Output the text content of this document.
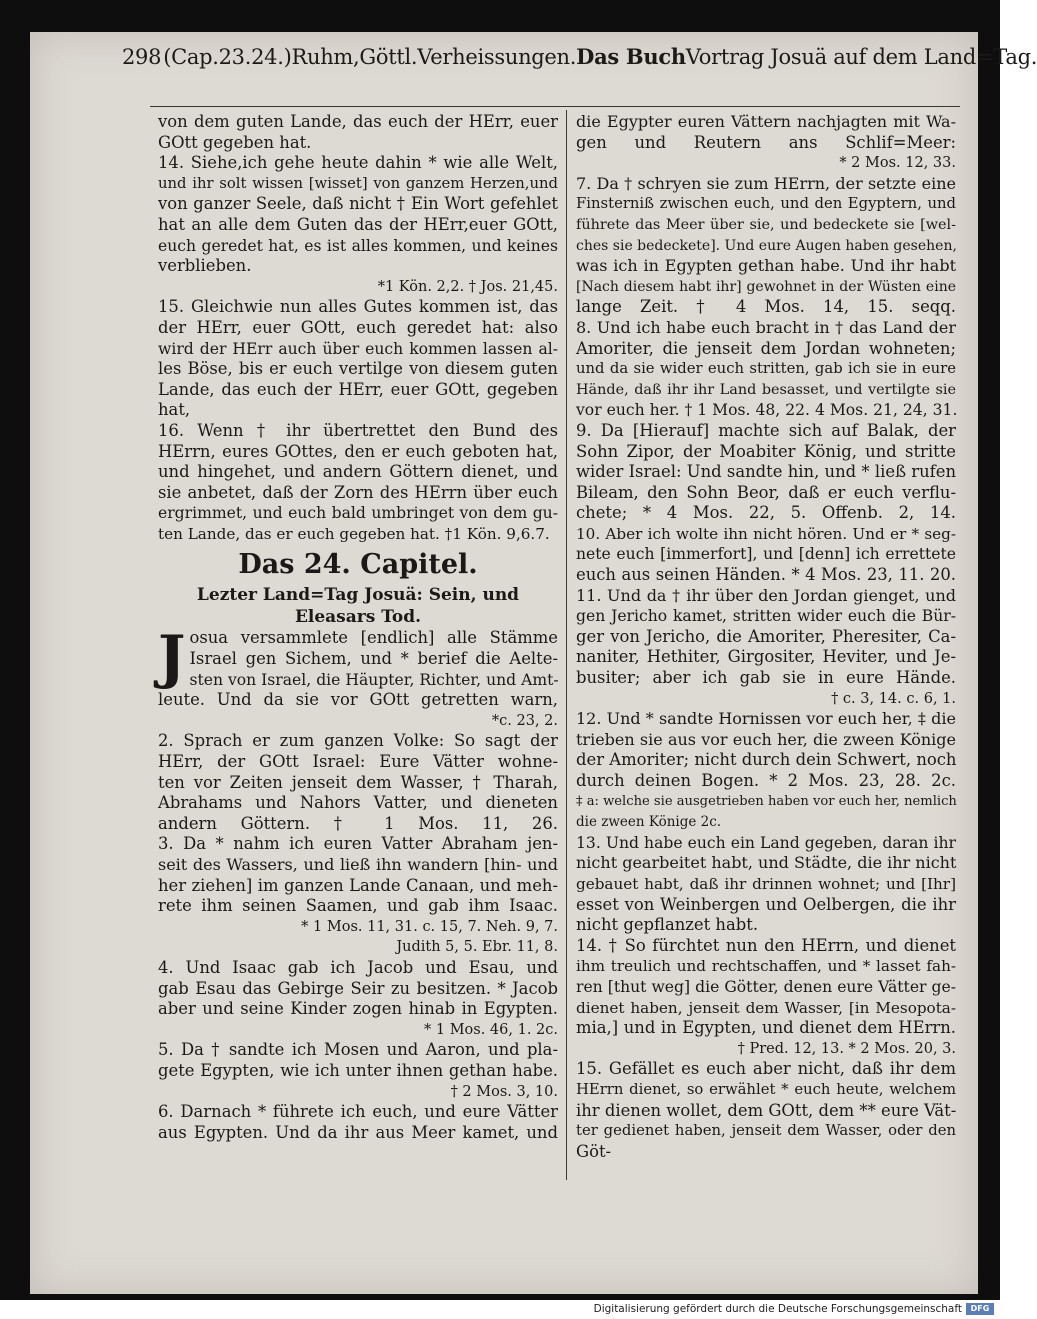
298 (Cap.23.24.)Ruhm,Göttl.Verheissungen. Das Buch Vortrag Josuä auf dem Land=Tag.
von dem guten Lande, das euch der HErr, euer
GOtt gegeben hat.
14. Siehe,ich gehe heute dahin * wie alle Welt,
und ihr solt wissen [wisset] von ganzem Herzen,und
von ganzer Seele, daß nicht † Ein Wort gefehlet
hat an alle dem Guten das der HErr,euer GOtt,
euch geredet hat, es ist alles kommen, und keines
verblieben.
*1 Kön. 2,2. † Jos. 21,45.
15. Gleichwie nun alles Gutes kommen ist, das
der HErr, euer GOtt, euch geredet hat: also
wird der HErr auch über euch kommen lassen al-
les Böse, bis er euch vertilge von diesem guten
Lande, das euch der HErr, euer GOtt, gegeben
hat,
16. Wenn † ihr übertrettet den Bund des
HErrn, eures GOttes, den er euch geboten hat,
und hingehet, und andern Göttern dienet, und
sie anbetet, daß der Zorn des HErrn über euch
ergrimmet, und euch bald umbringet von dem gu-
ten Lande, das er euch gegeben hat. †1 Kön. 9,6.7.
Das 24. Capitel.
Lezter Land=Tag Josuä: Sein, und
Eleasars Tod.
J osua versammlete [endlich] alle Stämme
Israel gen Sichem, und * berief die Aelte-
sten von Israel, die Häupter, Richter, und Amt-
leute. Und da sie vor GOtt getretten warn,
*c. 23, 2.
2. Sprach er zum ganzen Volke: So sagt der
HErr, der GOtt Israel: Eure Vätter wohne-
ten vor Zeiten jenseit dem Wasser, † Tharah,
Abrahams und Nahors Vatter, und dieneten
andern Göttern. † 1 Mos. 11, 26.
3. Da * nahm ich euren Vatter Abraham jen-
seit des Wassers, und ließ ihn wandern [hin- und
her ziehen] im ganzen Lande Canaan, und meh-
rete ihm seinen Saamen, und gab ihm Isaac.
* 1 Mos. 11, 31. c. 15, 7. Neh. 9, 7.
Judith 5, 5. Ebr. 11, 8.
4. Und Isaac gab ich Jacob und Esau, und
gab Esau das Gebirge Seir zu besitzen. * Jacob
aber und seine Kinder zogen hinab in Egypten.
* 1 Mos. 46, 1. 2c.
5. Da † sandte ich Mosen und Aaron, und pla-
gete Egypten, wie ich unter ihnen gethan habe.
† 2 Mos. 3, 10.
6. Darnach * führete ich euch, und eure Vätter
aus Egypten. Und da ihr aus Meer kamet, und
die Egypter euren Vättern nachjagten mit Wa-
gen und Reutern ans Schlif=Meer:
* 2 Mos. 12, 33.
7. Da † schryen sie zum HErrn, der setzte eine
Finsterniß zwischen euch, und den Egyptern, und
führete das Meer über sie, und bedeckete sie [wel-
ches sie bedeckete]. Und eure Augen haben gesehen,
was ich in Egypten gethan habe. Und ihr habt
[Nach diesem habt ihr] gewohnet in der Wüsten eine
lange Zeit. † 4 Mos. 14, 15. seqq.
8. Und ich habe euch bracht in † das Land der
Amoriter, die jenseit dem Jordan wohneten;
und da sie wider euch stritten, gab ich sie in eure
Hände, daß ihr ihr Land besasset, und vertilgte sie
vor euch her. † 1 Mos. 48, 22. 4 Mos. 21, 24, 31.
9. Da [Hierauf] machte sich auf Balak, der
Sohn Zipor, der Moabiter König, und stritte
wider Israel: Und sandte hin, und * ließ rufen
Bileam, den Sohn Beor, daß er euch verflu-
chete; * 4 Mos. 22, 5. Offenb. 2, 14.
10. Aber ich wolte ihn nicht hören. Und er * seg-
nete euch [immerfort], und [denn] ich errettete
euch aus seinen Händen. * 4 Mos. 23, 11. 20.
11. Und da † ihr über den Jordan gienget, und
gen Jericho kamet, stritten wider euch die Bür-
ger von Jericho, die Amoriter, Pheresiter, Ca-
naniter, Hethiter, Girgositer, Heviter, und Je-
busiter; aber ich gab sie in eure Hände.
† c. 3, 14. c. 6, 1.
12. Und * sandte Hornissen vor euch her, ‡ die
trieben sie aus vor euch her, die zween Könige
der Amoriter; nicht durch dein Schwert, noch
durch deinen Bogen. * 2 Mos. 23, 28. 2c.
‡ a: welche sie ausgetrieben haben vor euch her, nemlich
die zween Könige 2c.
13. Und habe euch ein Land gegeben, daran ihr
nicht gearbeitet habt, und Städte, die ihr nicht
gebauet habt, daß ihr drinnen wohnet; und [Ihr]
esset von Weinbergen und Oelbergen, die ihr
nicht gepflanzet habt.
14. † So fürchtet nun den HErrn, und dienet
ihm treulich und rechtschaffen, und * lasset fah-
ren [thut weg] die Götter, denen eure Vätter ge-
dienet haben, jenseit dem Wasser, [in Mesopota-
mia,] und in Egypten, und dienet dem HErrn.
† Pred. 12, 13. * 2 Mos. 20, 3.
15. Gefället es euch aber nicht, daß ihr dem
HErrn dienet, so erwählet * euch heute, welchem
ihr dienen wollet, dem GOtt, dem ** eure Vät-
ter gedienet haben, jenseit dem Wasser, oder den
Göt-
Digitalisierung gefördert durch die Deutsche Forschungsgemeinschaft	DFG
